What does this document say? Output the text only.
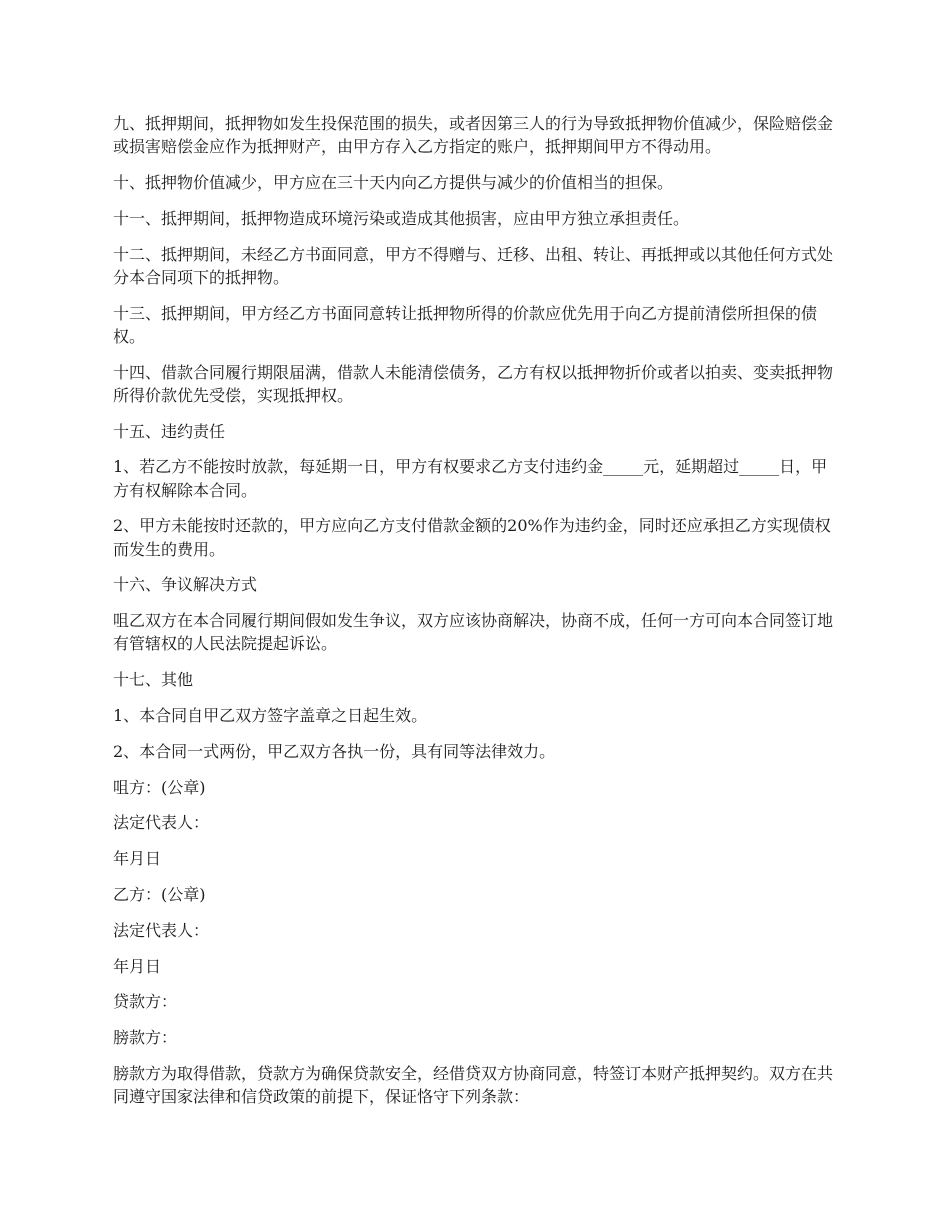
九、抵押期间，抵押物如发生投保范围的损失，或者因第三人的行为导致抵押物价值减少，保险赔偿金或损害赔偿金应作为抵押财产，由甲方存入乙方指定的账户，抵押期间甲方不得动用。

十、抵押物价值减少，甲方应在三十天内向乙方提供与减少的价值相当的担保。

十一、抵押期间，抵押物造成环境污染或造成其他损害，应由甲方独立承担责任。

十二、抵押期间，未经乙方书面同意，甲方不得赠与、迁移、出租、转让、再抵押或以其他任何方式处分本合同项下的抵押物。

十三、抵押期间，甲方经乙方书面同意转让抵押物所得的价款应优先用于向乙方提前清偿所担保的债权。

十四、借款合同履行期限届满，借款人未能清偿债务，乙方有权以抵押物折价或者以拍卖、变卖抵押物所得价款优先受偿，实现抵押权。

十五、违约责任

1、若乙方不能按时放款，每延期一日，甲方有权要求乙方支付违约金_____元，延期超过_____日，甲方有权解除本合同。

2、甲方未能按时还款的，甲方应向乙方支付借款金额的20%作为违约金，同时还应承担乙方实现债权而发生的费用。

十六、争议解决方式

咀乙双方在本合同履行期间假如发生争议，双方应该协商解决，协商不成，任何一方可向本合同签订地有管辖权的人民法院提起诉讼。

十七、其他

1、本合同自甲乙双方签字盖章之日起生效。

2、本合同一式两份，甲乙双方各执一份，具有同等法律效力。

咀方：(公章)

法定代表人：

年月日

乙方：(公章)

法定代表人：

年月日

贷款方：

膀款方：

膀款方为取得借款，贷款方为确保贷款安全，经借贷双方协商同意，特签订本财产抵押契约。双方在共同遵守国家法律和信贷政策的前提下，保证恪守下列条款：
